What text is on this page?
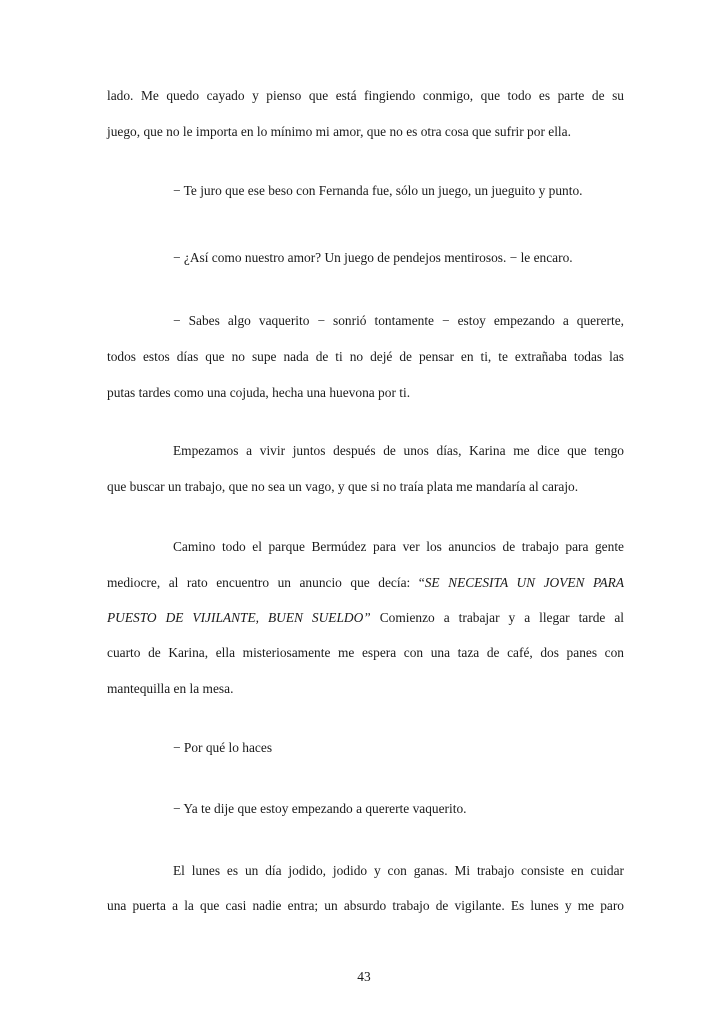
lado. Me quedo cayado y pienso que está fingiendo conmigo, que todo es parte de su
juego, que no le importa en lo mínimo mi amor, que no es otra cosa que sufrir por ella.
− Te juro que ese beso con Fernanda fue, sólo un juego, un jueguito y punto.
− ¿Así como nuestro amor? Un juego de pendejos mentirosos. − le encaro.
− Sabes algo vaquerito − sonrió tontamente − estoy empezando a quererte,
todos estos días que no supe nada de ti no dejé de pensar en ti, te extrañaba todas las
putas tardes como una cojuda, hecha una huevona por ti.
Empezamos a vivir juntos después de unos días, Karina me dice que tengo
que buscar un trabajo, que no sea un vago, y que si no traía plata me mandaría al carajo.
Camino todo el parque Bermúdez para ver los anuncios de trabajo para gente
mediocre, al rato encuentro un anuncio que decía: “SE NECESITA UN JOVEN PARA
PUESTO DE VIJILANTE, BUEN SUELDO” Comienzo a trabajar y a llegar tarde al
cuarto de Karina, ella misteriosamente me espera con una taza de café, dos panes con
mantequilla en la mesa.
− Por qué lo haces
− Ya te dije que estoy empezando a quererte vaquerito.
El lunes es un día jodido, jodido y con ganas. Mi trabajo consiste en cuidar
una puerta a la que casi nadie entra; un absurdo trabajo de vigilante. Es lunes y me paro
43
